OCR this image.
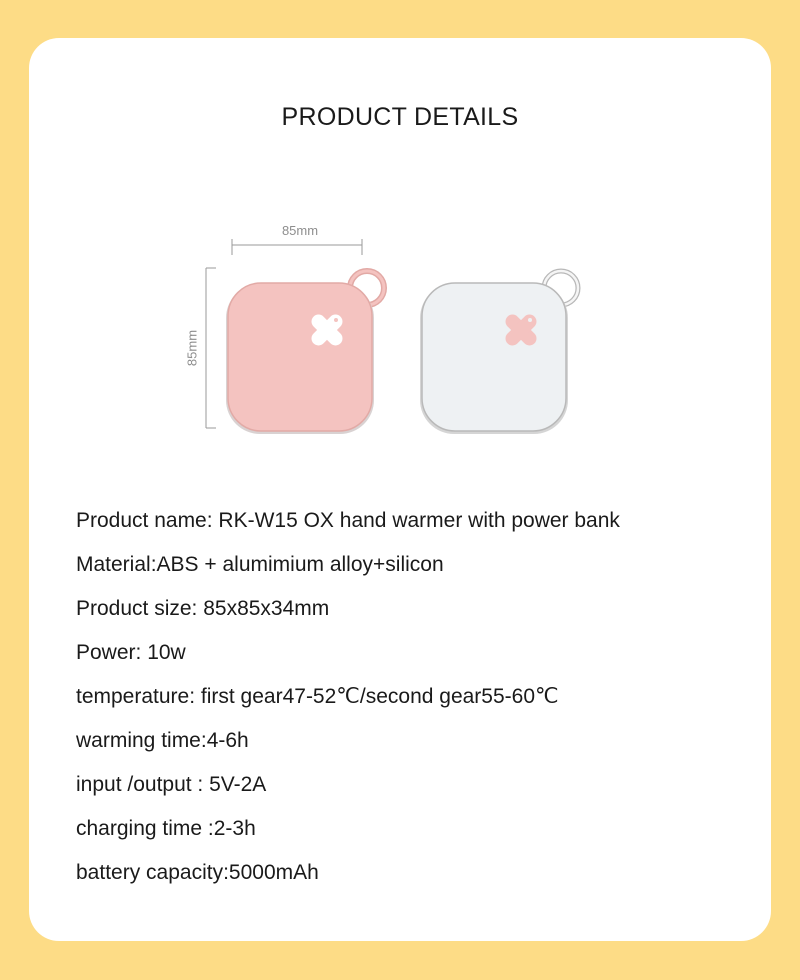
PRODUCT DETAILS
85mm
85mm
Product name: RK-W15 OX hand warmer with power bank
Material:ABS + alumimium alloy+silicon
Product size: 85x85x34mm
Power: 10w
temperature: first gear47-52℃/second gear55-60℃
warming time:4-6h
input /output : 5V-2A
charging time :2-3h
battery capacity:5000mAh
